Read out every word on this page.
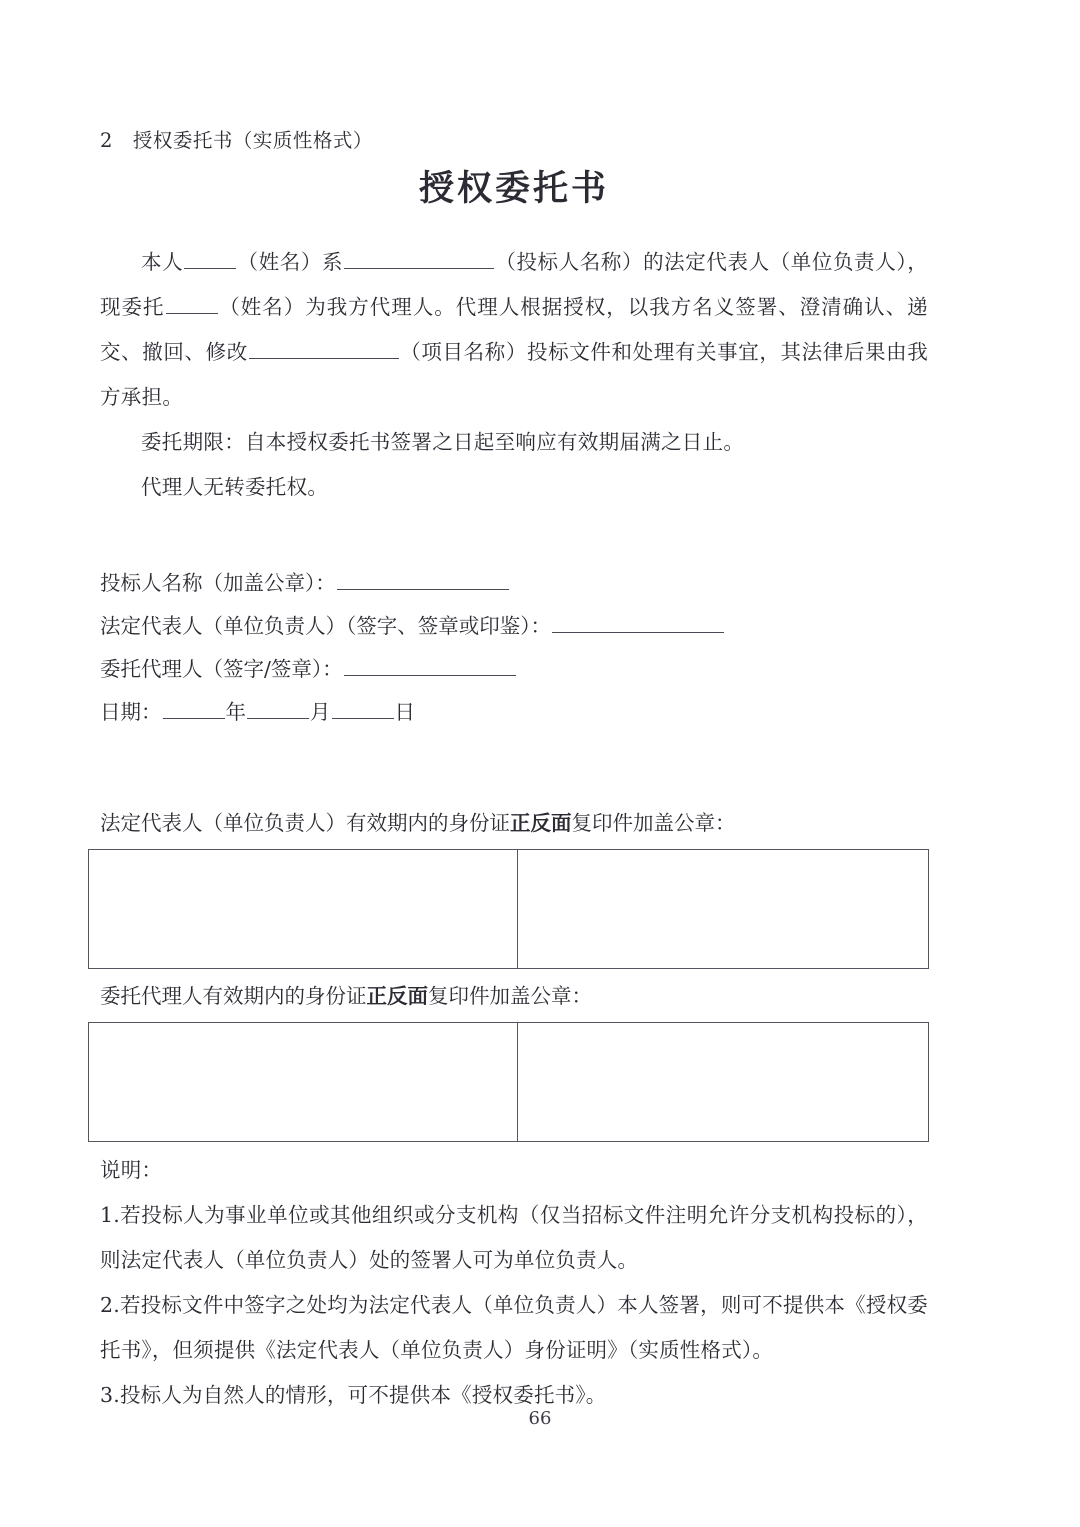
2 授权委托书（实质性格式）
授权委托书

本人	（姓名）系	（投标人名称）的法定代表人（单位负责人），现委托	（姓名）为我方代理人。代理人根据授权，以我方名义签署、澄清确认、递交、撤回、修改	（项目名称）投标文件和处理有关事宜，其法律后果由我方承担。

委托期限：自本授权委托书签署之日起至响应有效期届满之日止。

代理人无转委托权。

投标人名称（加盖公章）：

法定代表人（单位负责人）（签字、签章或印鉴）：

委托代理人（签字/签章）：

日期：	年	月	日

法定代表人（单位负责人）有效期内的身份证正反面复印件加盖公章：

委托代理人有效期内的身份证正反面复印件加盖公章：

说明：

1.若投标人为事业单位或其他组织或分支机构（仅当招标文件注明允许分支机构投标的），则法定代表人（单位负责人）处的签署人可为单位负责人。

2.若投标文件中签字之处均为法定代表人（单位负责人）本人签署，则可不提供本《授权委托书》，但须提供《法定代表人（单位负责人）身份证明》（实质性格式）。

3.投标人为自然人的情形，可不提供本《授权委托书》。

66
